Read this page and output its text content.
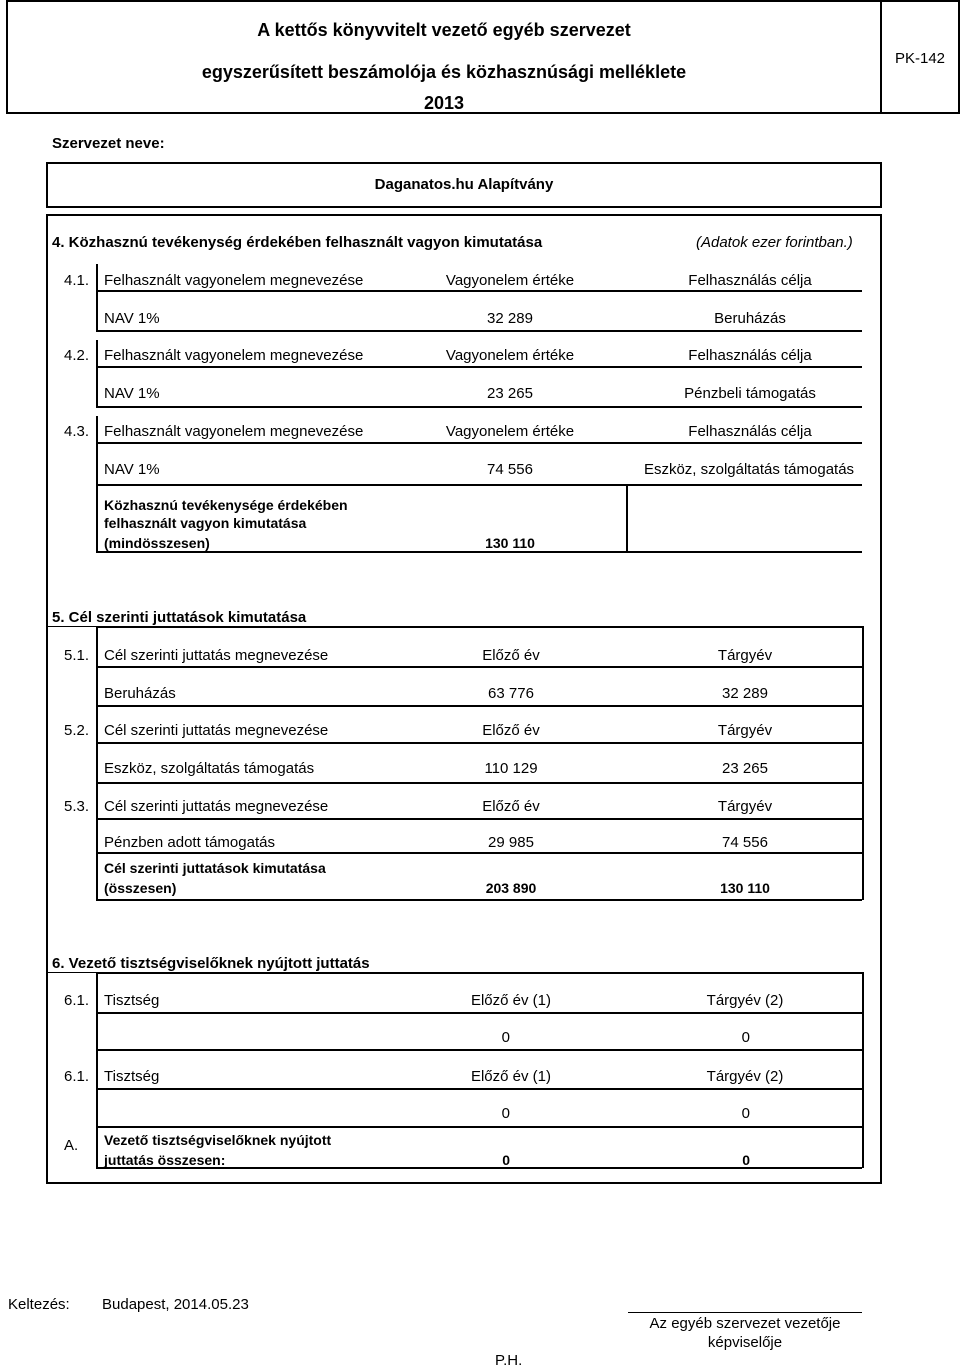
A kettős könyvvitelt vezető egyéb szervezet
egyszerűsített beszámolója és közhasznúsági melléklete
2013
PK-142
Szervezet neve:
Daganatos.hu Alapítvány
4. Közhasznú tevékenység érdekében felhasznált vagyon kimutatása	(Adatok ezer forintban.)
4.1. Felhasznált vagyonelem megnevezése	Vagyonelem értéke	Felhasználás célja
NAV 1%	32 289	Beruházás
4.2. Felhasznált vagyonelem megnevezése	Vagyonelem értéke	Felhasználás célja
NAV 1%	23 265	Pénzbeli támogatás
4.3. Felhasznált vagyonelem megnevezése	Vagyonelem értéke	Felhasználás célja
NAV 1%	74 556	Eszköz, szolgáltatás támogatás
Közhasznú tevékenysége érdekében
felhasznált vagyon kimutatása
(mindösszesen)	130 110
5. Cél szerinti juttatások kimutatása
5.1. Cél szerinti juttatás megnevezése	Előző év	Tárgyév
Beruházás	63 776	32 289
5.2. Cél szerinti juttatás megnevezése	Előző év	Tárgyév
Eszköz, szolgáltatás támogatás	110 129	23 265
5.3. Cél szerinti juttatás megnevezése	Előző év	Tárgyév
Pénzben adott támogatás	29 985	74 556
Cél szerinti juttatások kimutatása
(összesen)	203 890	130 110
6. Vezető tisztségviselőknek nyújtott juttatás
6.1. Tisztség	Előző év (1)	Tárgyév (2)
0	0
6.1. Tisztség	Előző év (1)	Tárgyév (2)
0	0
A. Vezető tisztségviselőknek nyújtott
juttatás összesen:	0	0
Keltezés: Budapest, 2014.05.23
Az egyéb szervezet vezetője
képviselője
P.H.
